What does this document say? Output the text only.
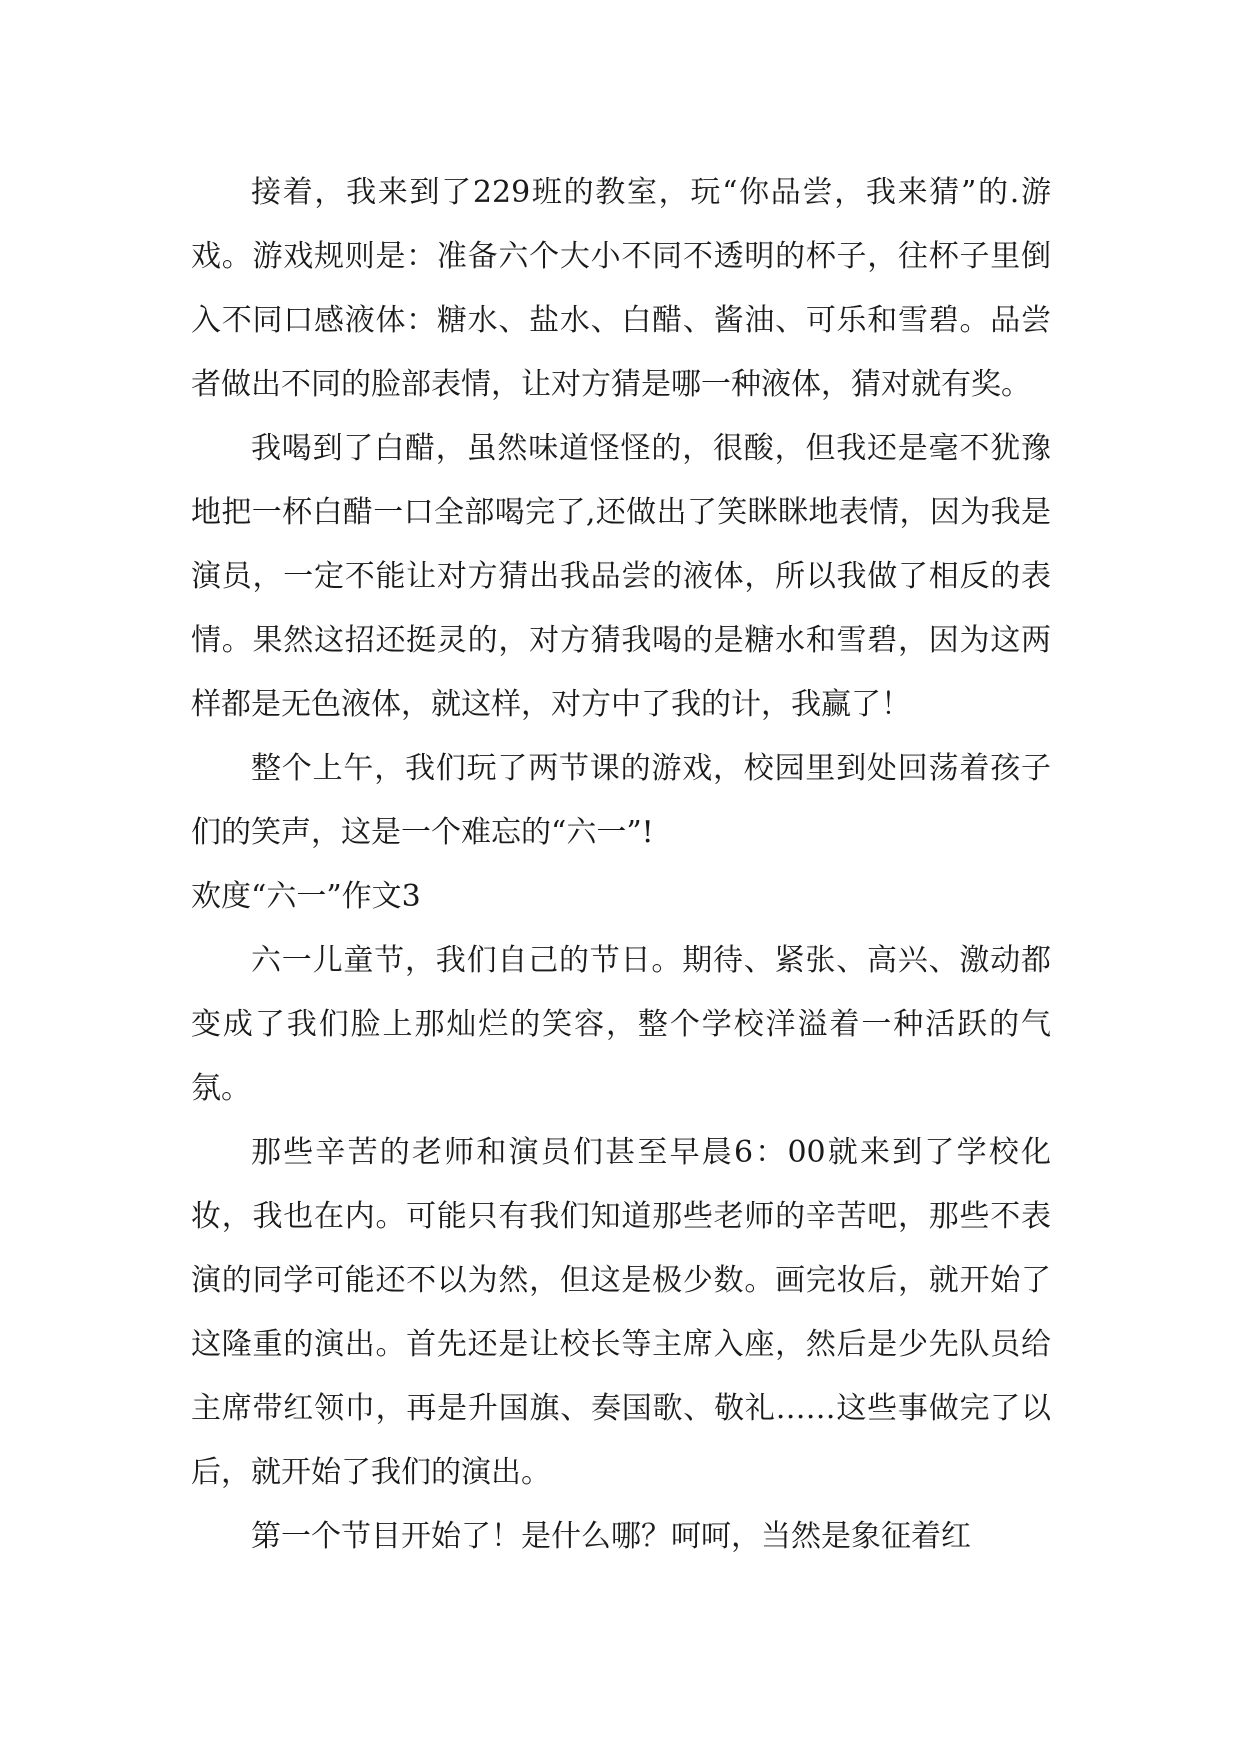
接着，我来到了229班的教室，玩“你品尝，我来猜”的.游戏。游戏规则是：准备六个大小不同不透明的杯子，往杯子里倒入不同口感液体：糖水、盐水、白醋、酱油、可乐和雪碧。品尝者做出不同的脸部表情，让对方猜是哪一种液体，猜对就有奖。

我喝到了白醋，虽然味道怪怪的，很酸，但我还是毫不犹豫地把一杯白醋一口全部喝完了,还做出了笑眯眯地表情，因为我是演员，一定不能让对方猜出我品尝的液体，所以我做了相反的表情。果然这招还挺灵的，对方猜我喝的是糖水和雪碧，因为这两样都是无色液体，就这样，对方中了我的计，我赢了！

整个上午，我们玩了两节课的游戏，校园里到处回荡着孩子们的笑声，这是一个难忘的“六一”!

欢度“六一”作文3

六一儿童节，我们自己的节日。期待、紧张、高兴、激动都变成了我们脸上那灿烂的笑容，整个学校洋溢着一种活跃的气氛。

那些辛苦的老师和演员们甚至早晨6：00就来到了学校化妆，我也在内。可能只有我们知道那些老师的辛苦吧，那些不表演的同学可能还不以为然，但这是极少数。画完妆后，就开始了这隆重的演出。首先还是让校长等主席入座，然后是少先队员给主席带红领巾，再是升国旗、奏国歌、敬礼……这些事做完了以后，就开始了我们的演出。

第一个节目开始了！是什么哪？呵呵，当然是象征着红
